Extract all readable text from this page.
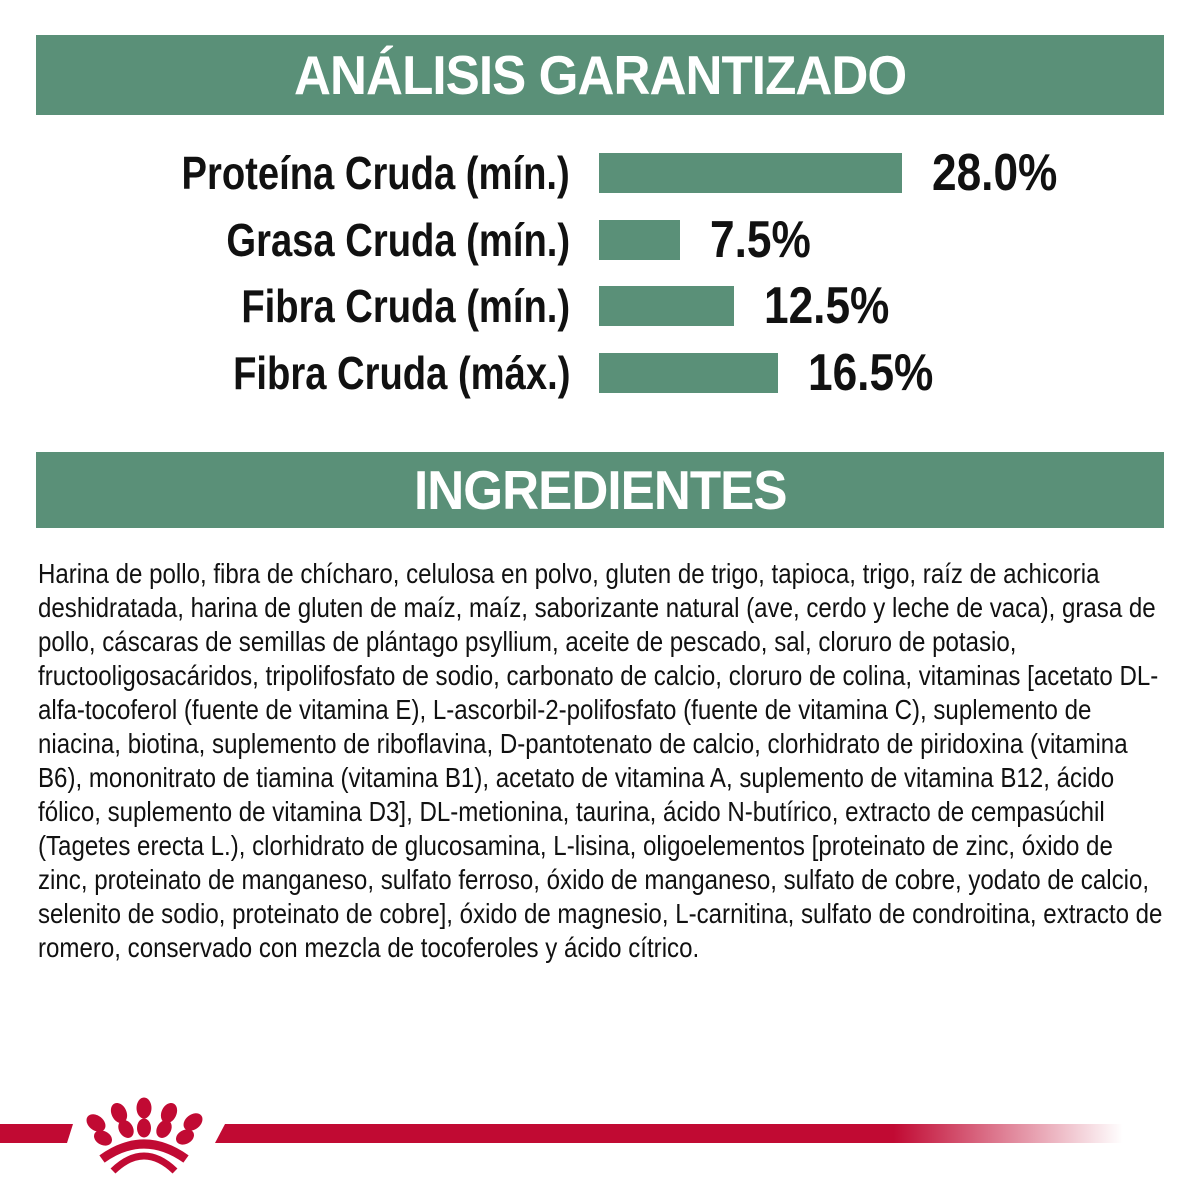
ANÁLISIS GARANTIZADO
Proteína Cruda (mín.)	28.0%
Grasa Cruda (mín.)	7.5%
Fibra Cruda (mín.)	12.5%
Fibra Cruda (máx.)	16.5%
INGREDIENTES
Harina de pollo, fibra de chícharo, celulosa en polvo, gluten de trigo, tapioca, trigo, raíz de achicoria deshidratada, harina de gluten de maíz, maíz, saborizante natural (ave, cerdo y leche de vaca), grasa de pollo, cáscaras de semillas de plántago psyllium, aceite de pescado, sal, cloruro de potasio, fructooligosacáridos, tripolifosfato de sodio, carbonato de calcio, cloruro de colina, vitaminas [acetato DL-alfa-tocoferol (fuente de vitamina E), L-ascorbil-2-polifosfato (fuente de vitamina C), suplemento de niacina, biotina, suplemento de riboflavina, D-pantotenato de calcio, clorhidrato de piridoxina (vitamina B6), mononitrato de tiamina (vitamina B1), acetato de vitamina A, suplemento de vitamina B12, ácido fólico, suplemento de vitamina D3], DL-metionina, taurina, ácido N-butírico, extracto de cempasúchil (Tagetes erecta L.), clorhidrato de glucosamina, L-lisina, oligoelementos [proteinato de zinc, óxido de zinc, proteinato de manganeso, sulfato ferroso, óxido de manganeso, sulfato de cobre, yodato de calcio, selenito de sodio, proteinato de cobre], óxido de magnesio, L-carnitina, sulfato de condroitina, extracto de romero, conservado con mezcla de tocoferoles y ácido cítrico.
